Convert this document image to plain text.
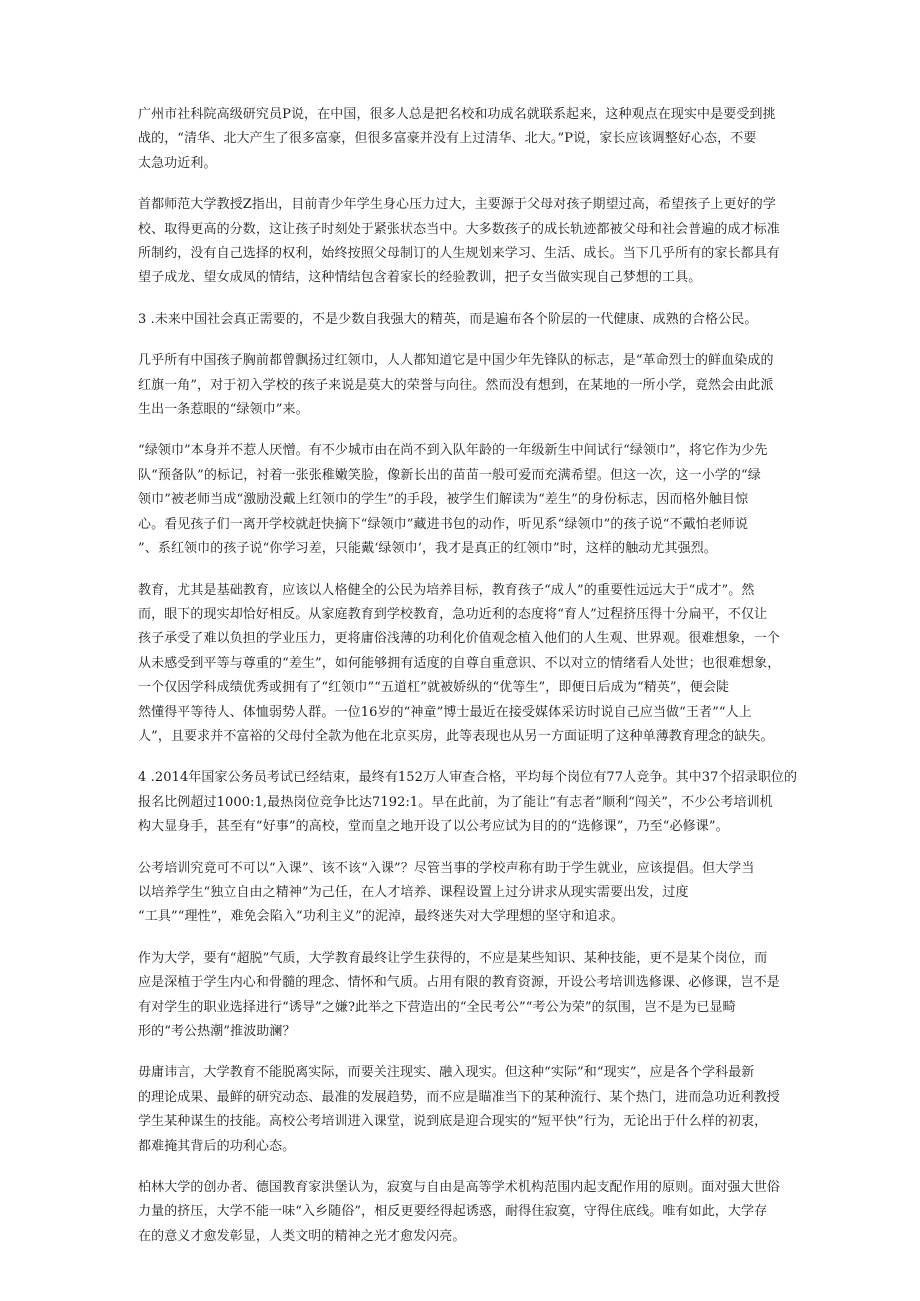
广州市社科院高级研究员P说，在中国，很多人总是把名校和功成名就联系起来，这种观点在现实中是要受到挑
战的，“清华、北大产生了很多富豪，但很多富豪并没有上过清华、北大。”P说，家长应该调整好心态，不要
太急功近利。

首都师范大学教授Z指出，目前青少年学生身心压力过大，主要源于父母对孩子期望过高，希望孩子上更好的学
校、取得更高的分数，这让孩子时刻处于紧张状态当中。大多数孩子的成长轨迹都被父母和社会普遍的成才标准
所制约，没有自己选择的权利，始终按照父母制订的人生规划来学习、生活、成长。当下几乎所有的家长都具有
望子成龙、望女成凤的情结，这种情结包含着家长的经验教训，把子女当做实现自己梦想的工具。

3 .未来中国社会真正需要的，不是少数自我强大的精英，而是遍布各个阶层的一代健康、成熟的合格公民。

几乎所有中国孩子胸前都曾飘扬过红领巾，人人都知道它是中国少年先锋队的标志，是“革命烈士的鲜血染成的
红旗一角”，对于初入学校的孩子来说是莫大的荣誉与向往。然而没有想到，在某地的一所小学，竟然会由此派
生出一条惹眼的“绿领巾”来。

“绿领巾”本身并不惹人厌憎。有不少城市由在尚不到入队年龄的一年级新生中间试行“绿领巾”，将它作为少先
队“预备队”的标记，衬着一张张稚嫩笑脸，像新长出的苗苗一般可爱而充满希望。但这一次，这一小学的“绿
领巾”被老师当成“激励没戴上红领巾的学生”的手段，被学生们解读为“差生”的身份标志，因而格外触目惊
心。看见孩子们一离开学校就赶快摘下“绿领巾”藏进书包的动作，听见系“绿领巾”的孩子说“不戴怕老师说
”、系红领巾的孩子说“你学习差，只能戴‘绿领巾’，我才是真正的红领巾”时，这样的触动尤其强烈。

教育，尤其是基础教育，应该以人格健全的公民为培养目标，教育孩子“成人”的重要性远远大于“成才”。然
而，眼下的现实却恰好相反。从家庭教育到学校教育，急功近利的态度将“育人”过程挤压得十分扁平，不仅让
孩子承受了难以负担的学业压力，更将庸俗浅薄的功利化价值观念植入他们的人生观、世界观。很难想象，一个
从未感受到平等与尊重的“差生”，如何能够拥有适度的自尊自重意识、不以对立的情绪看人处世；也很难想象，
一个仅因学科成绩优秀或拥有了“红领巾”“五道杠”就被娇纵的“优等生”，即便日后成为“精英”，便会陡
然懂得平等待人、体恤弱势人群。一位16岁的“神童”博士最近在接受媒体采访时说自己应当做“王者”“人上
人”，且要求并不富裕的父母付全款为他在北京买房，此等表现也从另一方面证明了这种单薄教育理念的缺失。

4 .2014年国家公务员考试已经结束，最终有152万人审查合格，平均每个岗位有77人竞争。其中37个招录职位的
报名比例超过1000:1,最热岗位竞争比达7192:1。早在此前，为了能让“有志者”顺利“闯关”，不少公考培训机
构大显身手，甚至有“好事”的高校，堂而皇之地开设了以公考应试为目的的“选修课”，乃至“必修课”。

公考培训究竟可不可以“入课”、该不该“入课”？尽管当事的学校声称有助于学生就业，应该提倡。但大学当
以培养学生“独立自由之精神”为己任，在人才培养、课程设置上过分讲求从现实需要出发，过度
“工具”“理性”，难免会陷入“功利主义”的泥淖，最终迷失对大学理想的坚守和追求。

作为大学，要有“超脱”气质，大学教育最终让学生获得的，不应是某些知识、某种技能，更不是某个岗位，而
应是深植于学生内心和骨髓的理念、情怀和气质。占用有限的教育资源，开设公考培训选修课、必修课，岂不是
有对学生的职业选择进行“诱导”之嫌?此举之下营造出的“全民考公”“考公为荣”的氛围，岂不是为已显畸
形的“考公热潮”推波助澜？

毋庸讳言，大学教育不能脱离实际，而要关注现实、融入现实。但这种“实际”和“现实”，应是各个学科最新
的理论成果、最鲜的研究动态、最准的发展趋势，而不应是瞄准当下的某种流行、某个热门，进而急功近利教授
学生某种谋生的技能。高校公考培训进入课堂，说到底是迎合现实的“短平快”行为，无论出于什么样的初衷，
都难掩其背后的功利心态。

柏林大学的创办者、德国教育家洪堡认为，寂寞与自由是高等学术机构范围内起支配作用的原则。面对强大世俗
力量的挤压，大学不能一味“入乡随俗”，相反更要经得起诱惑，耐得住寂寞，守得住底线。唯有如此，大学存
在的意义才愈发彰显，人类文明的精神之光才愈发闪亮。
